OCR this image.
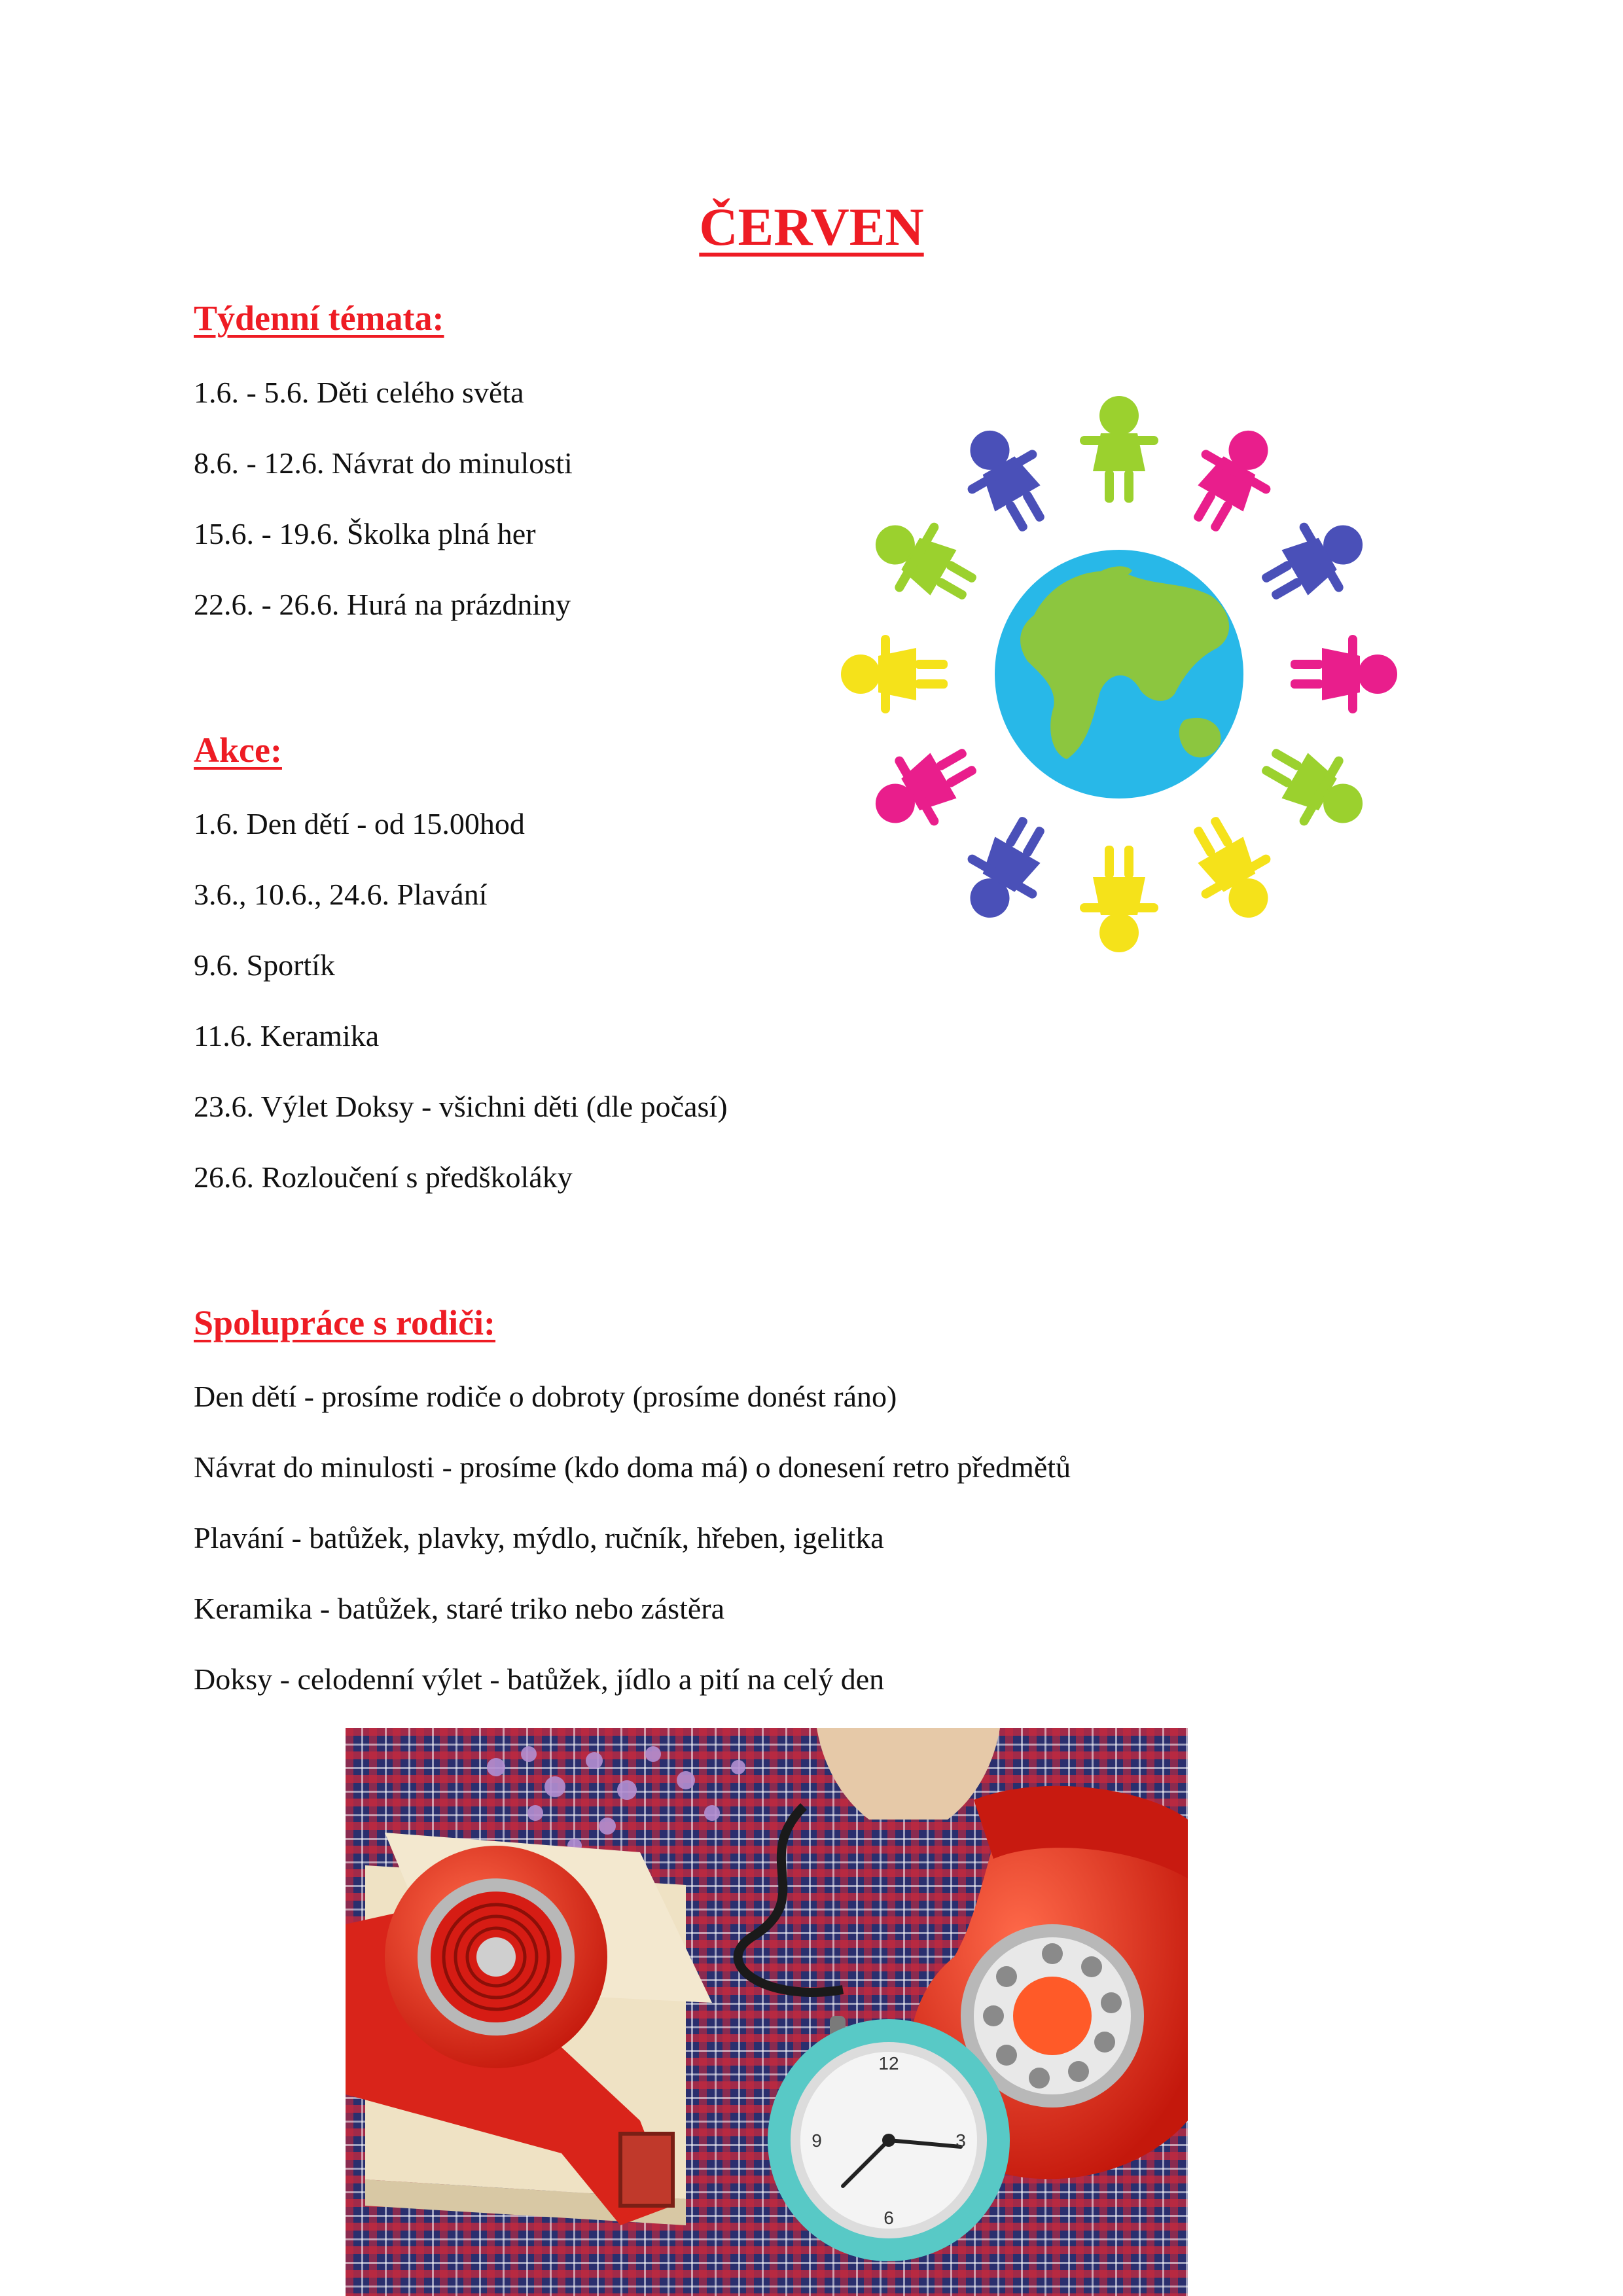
ČERVEN
Týdenní témata:
1.6. - 5.6. Děti celého světa
8.6. - 12.6. Návrat do minulosti
15.6. - 19.6. Školka plná her
22.6. - 26.6. Hurá na prázdniny
Akce:
1.6. Den dětí - od 15.00hod
3.6., 10.6., 24.6. Plavání
9.6. Sportík
11.6. Keramika
23.6. Výlet Doksy - všichni děti (dle počasí)
26.6. Rozloučení s předškoláky
Spolupráce s rodiči:
Den dětí - prosíme rodiče o dobroty (prosíme donést ráno)
Návrat do minulosti - prosíme (kdo doma má) o donesení retro předmětů
Plavání - batůžek, plavky, mýdlo, ručník, hřeben, igelitka
Keramika - batůžek, staré triko nebo zástěra
Doksy - celodenní výlet - batůžek, jídlo a pití na celý den
12
3
6
9
